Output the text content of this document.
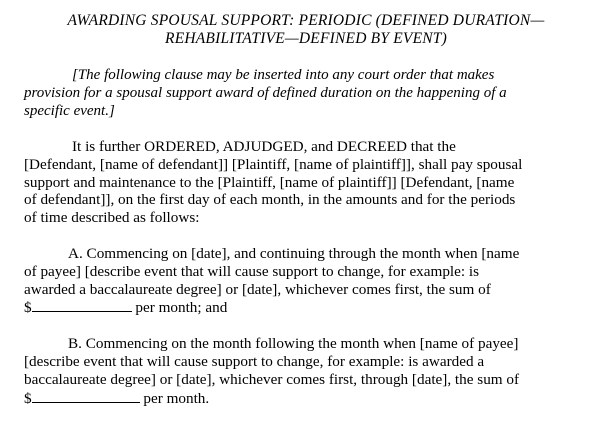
AWARDING SPOUSAL SUPPORT: PERIODIC (DEFINED DURATION—
REHABILITATIVE—DEFINED BY EVENT)

[The following clause may be inserted into any court order that makes
provision for a spousal support award of defined duration on the happening of a
specific event.]

It is further ORDERED, ADJUDGED, and DECREED that the
[Defendant, [name of defendant]] [Plaintiff, [name of plaintiff]], shall pay spousal
support and maintenance to the [Plaintiff, [name of plaintiff]] [Defendant, [name
of defendant]], on the first day of each month, in the amounts and for the periods
of time described as follows:

A. Commencing on [date], and continuing through the month when [name
of payee] [describe event that will cause support to change, for example: is
awarded a baccalaureate degree] or [date], whichever comes first, the sum of
$	per month; and

B. Commencing on the month following the month when [name of payee]
[describe event that will cause support to change, for example: is awarded a
baccalaureate degree] or [date], whichever comes first, through [date], the sum of
$	per month.
